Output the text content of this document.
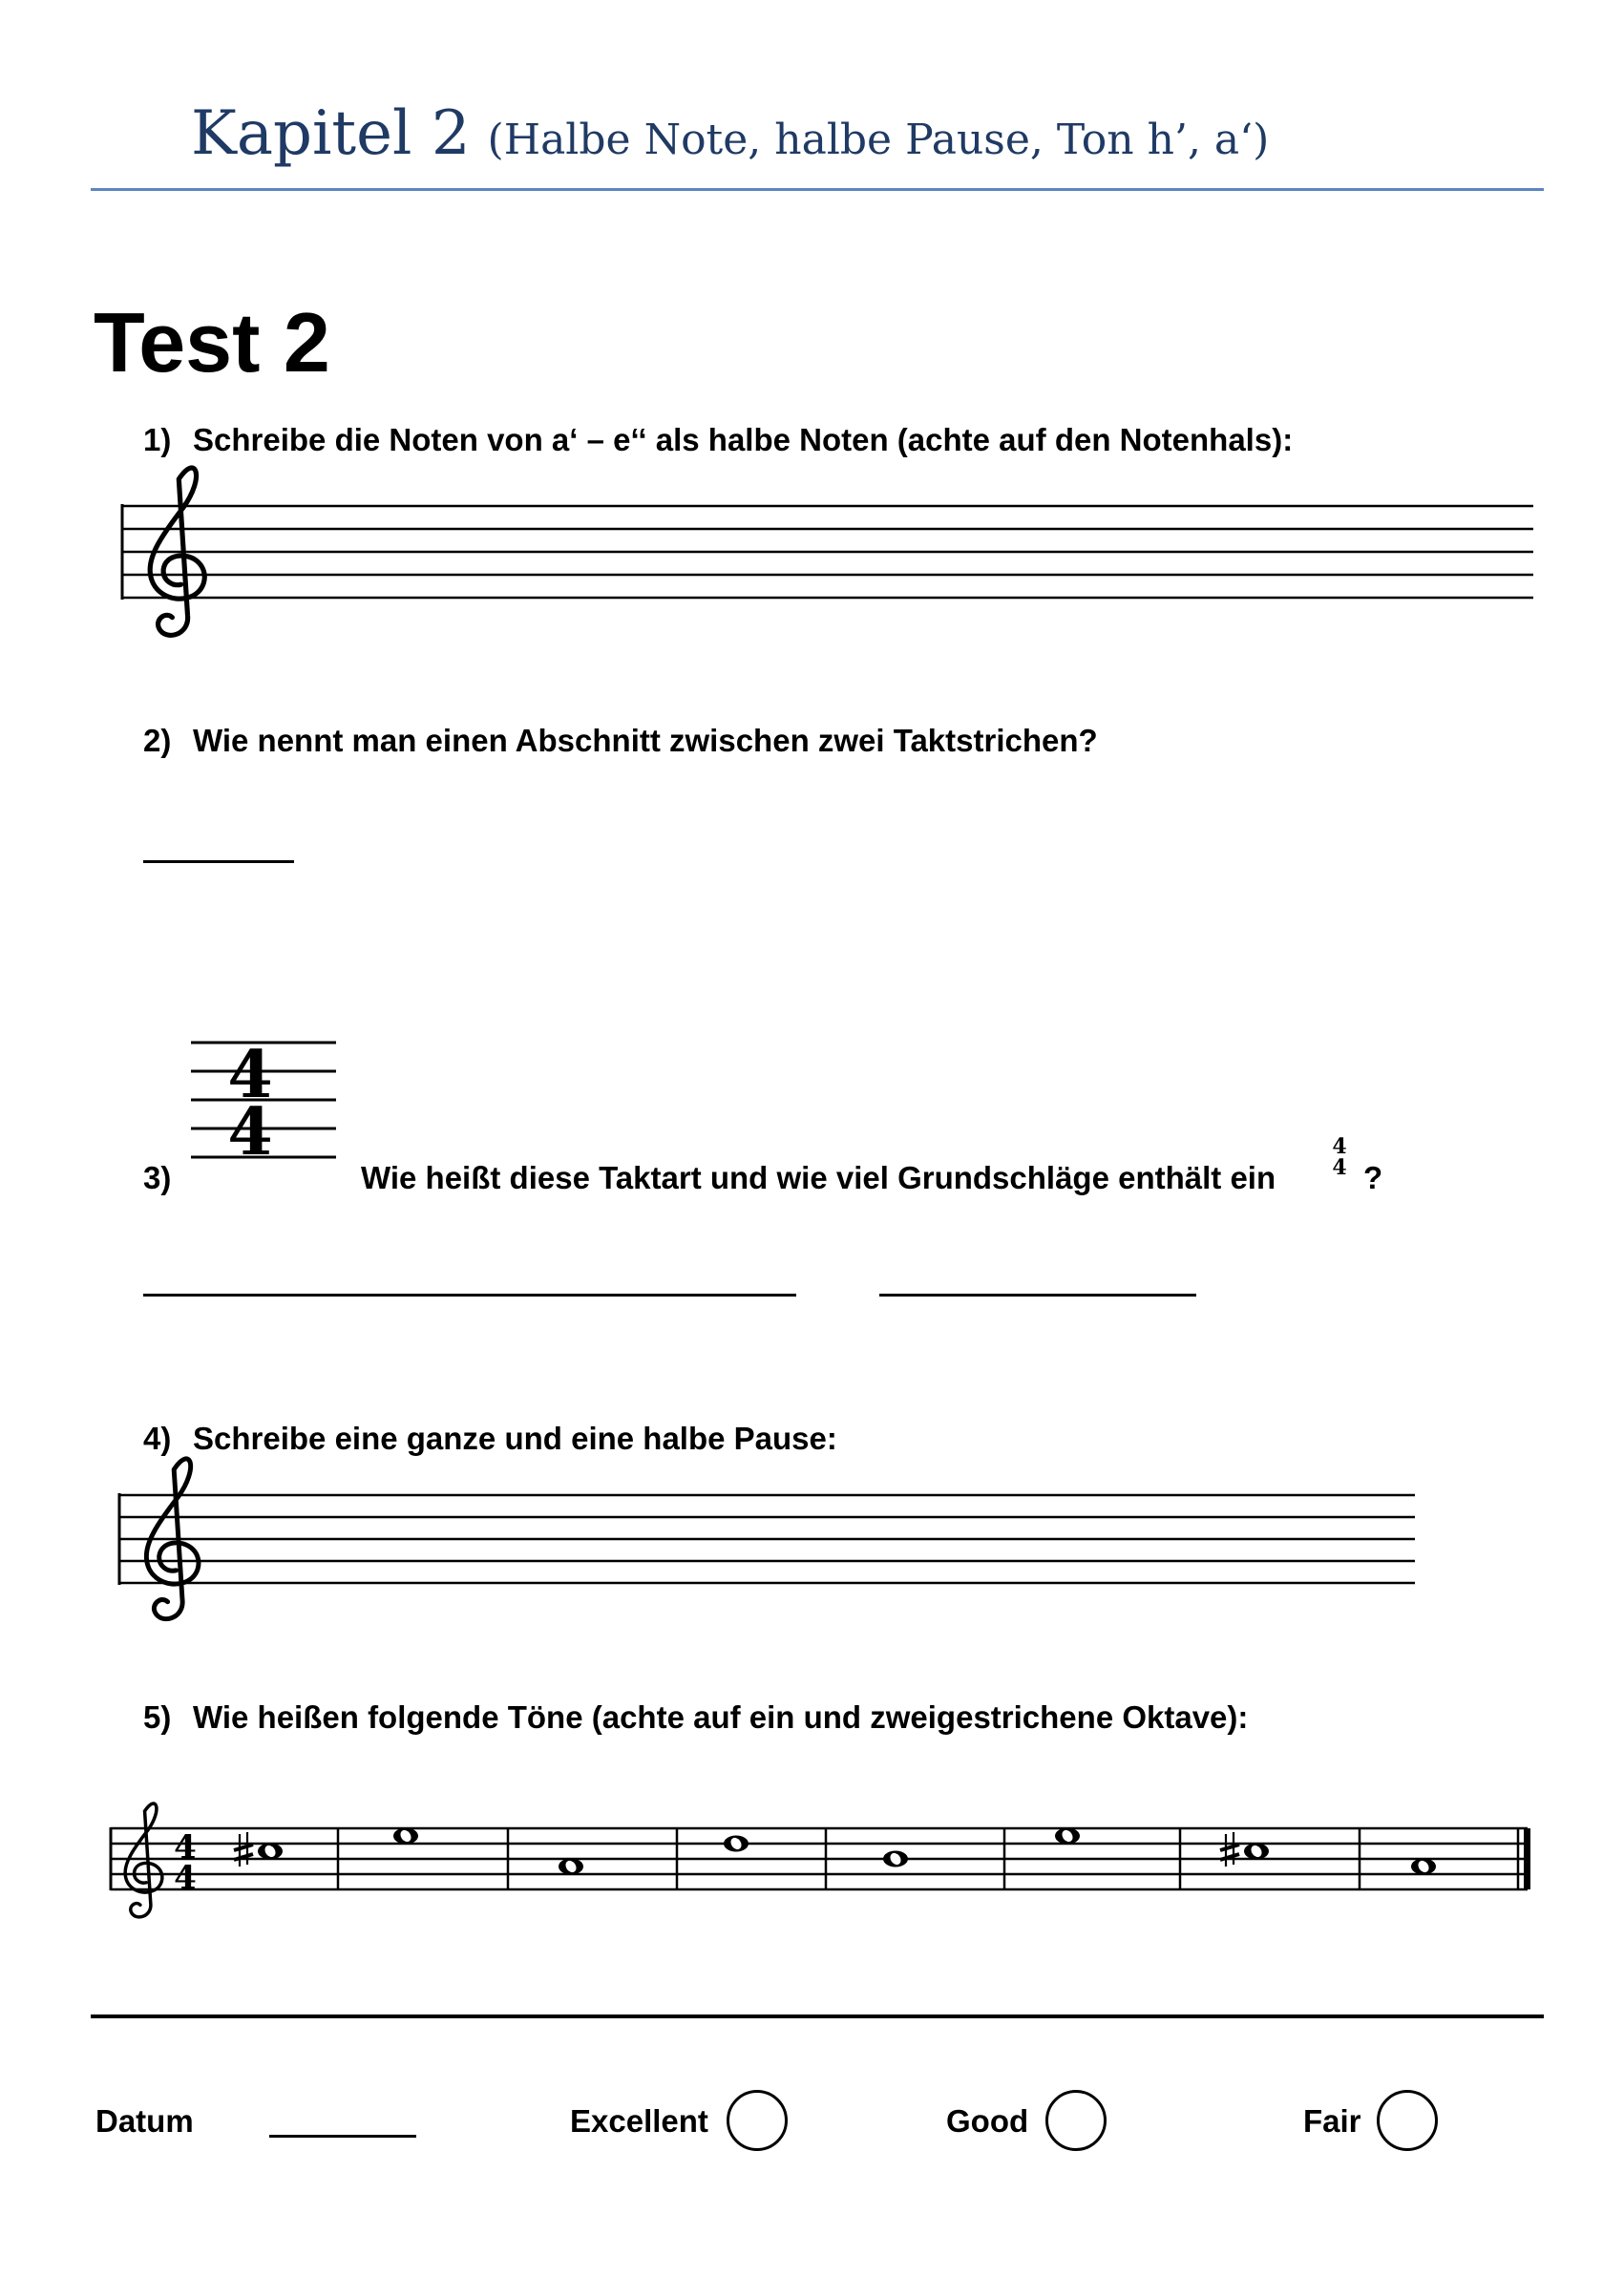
Kapitel 2 (Halbe Note, halbe Pause, Ton h’, a‘)
Test 2
1) Schreibe die Noten von a‘ – e‘‘ als halbe Noten (achte auf den Notenhals):
2) Wie nennt man einen Abschnitt zwischen zwei Taktstrichen?
3)	Wie heißt diese Taktart und wie viel Grundschläge enthält ein
4
4 ?
4) Schreibe eine ganze und eine halbe Pause:
5) Wie heißen folgende Töne (achte auf ein und zweigestrichene Oktave):
4
4
4
4
Datum	Excellent	Good	Fair
